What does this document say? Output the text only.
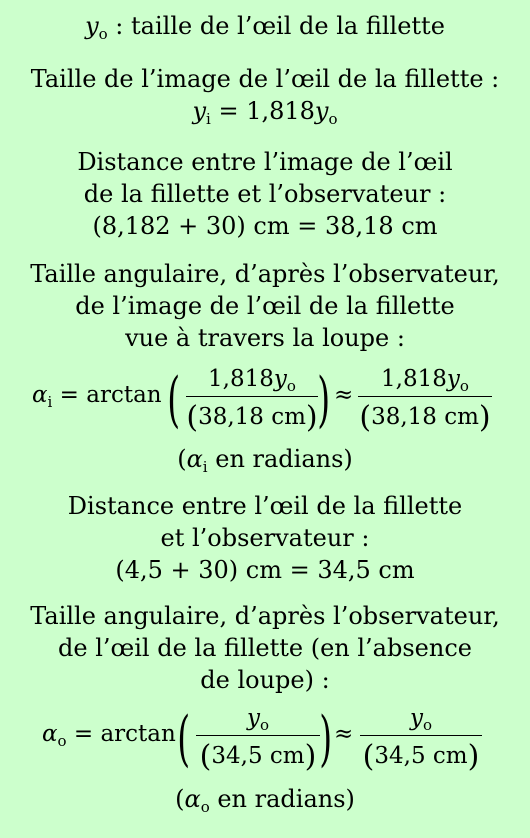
$y_o$ : taille de l’œil de la fillette
Taille de l’image de l’œil de la fillette :
$y_i = 1,818y_o$
Distance entre l’image de l’œil
de la fillette et l’observateur :
(8,182 + 30) cm = 38,18 cm
Taille angulaire, d’après l’observateur,
de l’image de l’œil de la fillette
vue à travers la loupe :
$\alpha_i = \arctan$ (	$1,818y_o$
(38,18 cm) ) ≈
$1,818y_o$
(38,18 cm)
($\alpha_i$ en radians)
Distance entre l’œil de la fillette
et l’observateur :
(4,5 + 30) cm = 34,5 cm
Taille angulaire, d’après l’observateur,
de l’œil de la fillette (en l’absence
de loupe) :
$\alpha_o = \arctan$ (	$y_o$
(34,5 cm) ) ≈
$y_o$
(34,5 cm)
($\alpha_o$ en radians)
